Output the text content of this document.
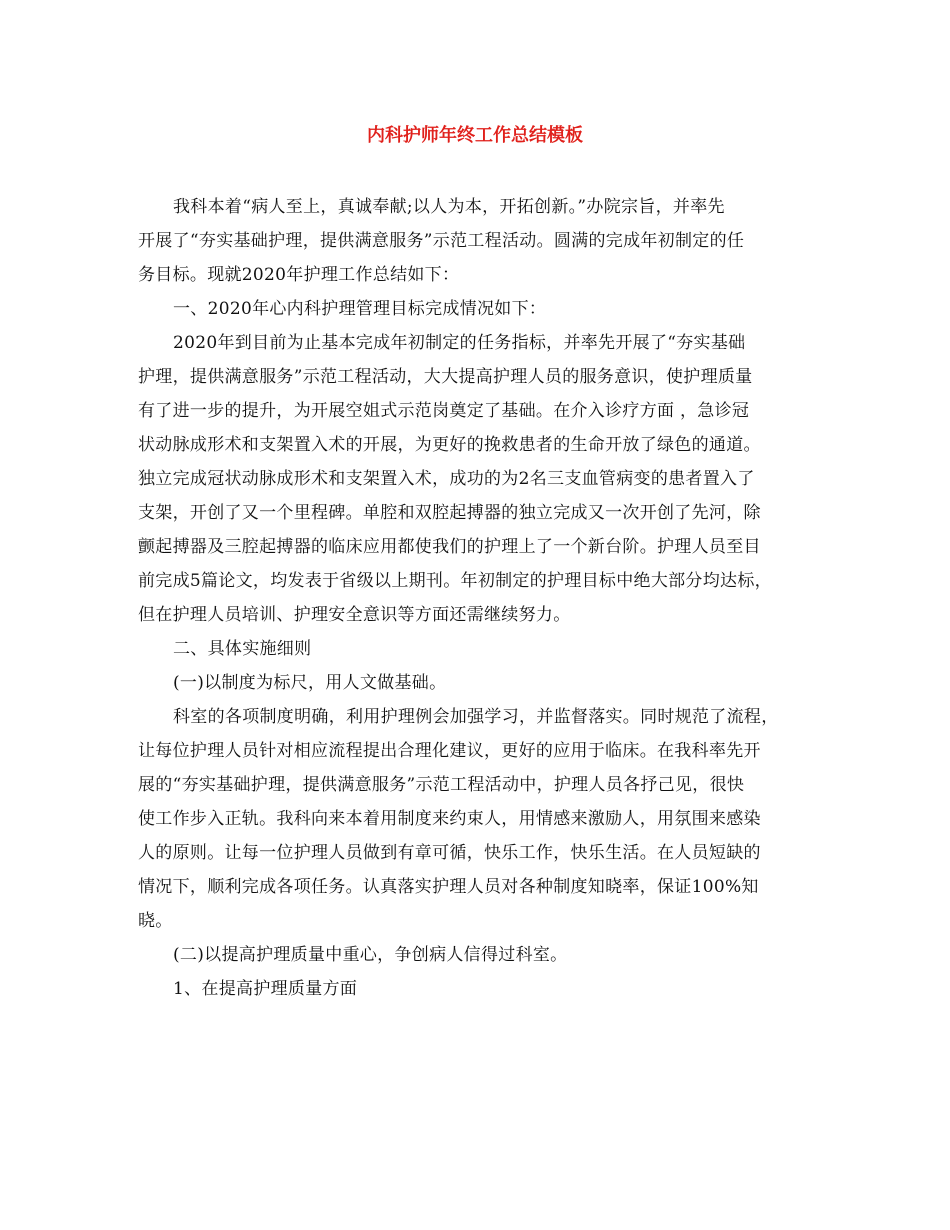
内科护师年终工作总结模板

我科本着“病人至上，真诚奉献;以人为本，开拓创新。”办院宗旨，并率先

开展了“夯实基础护理，提供满意服务”示范工程活动。圆满的完成年初制定的任

务目标。现就2020年护理工作总结如下：

一、2020年心内科护理管理目标完成情况如下：

2020年到目前为止基本完成年初制定的任务指标，并率先开展了“夯实基础

护理，提供满意服务”示范工程活动，大大提高护理人员的服务意识，使护理质量

有了进一步的提升，为开展空姐式示范岗奠定了基础。在介入诊疗方面 ，急诊冠

状动脉成形术和支架置入术的开展，为更好的挽救患者的生命开放了绿色的通道。

独立完成冠状动脉成形术和支架置入术，成功的为2名三支血管病变的患者置入了

支架，开创了又一个里程碑。单腔和双腔起搏器的独立完成又一次开创了先河，除

颤起搏器及三腔起搏器的临床应用都使我们的护理上了一个新台阶。护理人员至目

前完成5篇论文，均发表于省级以上期刊。年初制定的护理目标中绝大部分均达标，

但在护理人员培训、护理安全意识等方面还需继续努力。

二、具体实施细则

(一)以制度为标尺，用人文做基础。

科室的各项制度明确，利用护理例会加强学习，并监督落实。同时规范了流程，

让每位护理人员针对相应流程提出合理化建议，更好的应用于临床。在我科率先开

展的“夯实基础护理，提供满意服务”示范工程活动中，护理人员各抒己见，很快

使工作步入正轨。我科向来本着用制度来约束人，用情感来激励人，用氛围来感染

人的原则。让每一位护理人员做到有章可循，快乐工作，快乐生活。在人员短缺的

情况下，顺利完成各项任务。认真落实护理人员对各种制度知晓率，保证100%知

晓。

(二)以提高护理质量中重心，争创病人信得过科室。

1、在提高护理质量方面
